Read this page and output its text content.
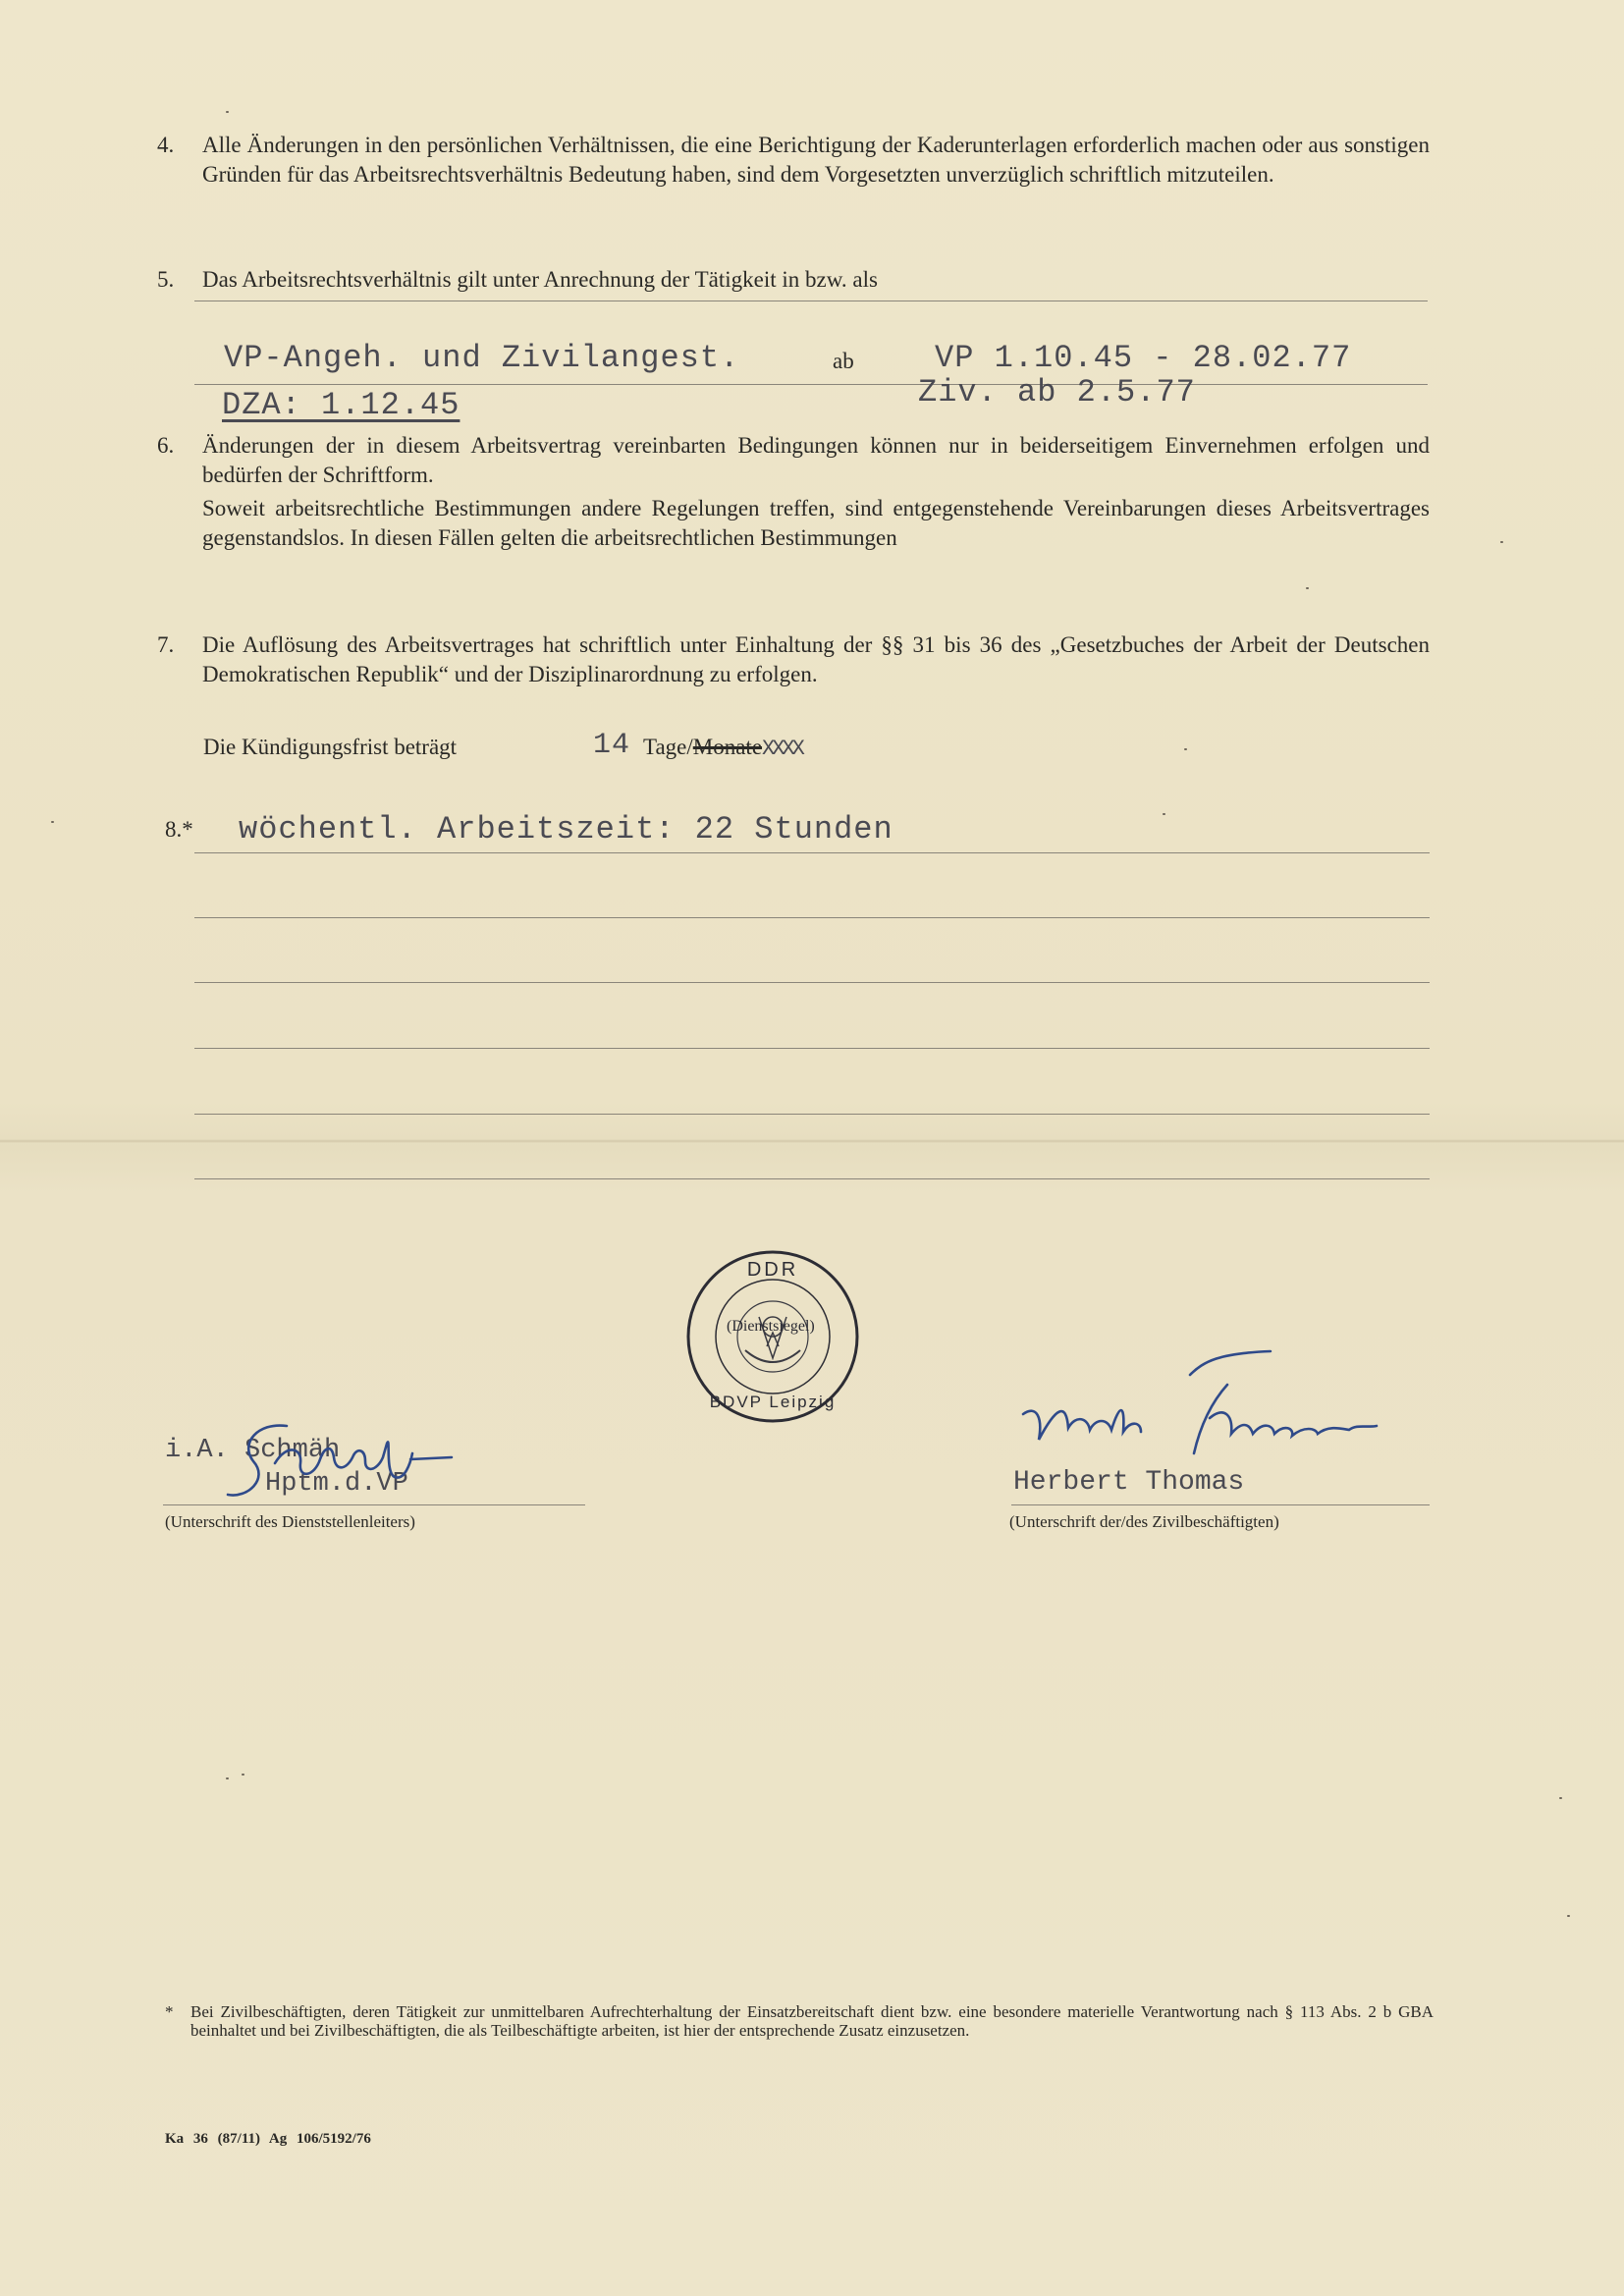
4. Alle Änderungen in den persönlichen Verhältnissen, die eine Berichtigung der Kaderunterlagen erforderlich machen oder aus sonstigen Gründen für das Arbeitsrechtsverhältnis Bedeutung haben, sind dem Vorgesetzten unverzüglich schriftlich mitzuteilen.
5. Das Arbeitsrechtsverhältnis gilt unter Anrechnung der Tätigkeit in bzw. als
VP-Angeh. und Zivilangest.	ab	VP 1.10.45 - 28.02.77
DZA: 1.12.45	Ziv. ab 2.5.77
6. Änderungen der in diesem Arbeitsvertrag vereinbarten Bedingungen können nur in beiderseitigem Einvernehmen erfolgen und bedürfen der Schriftform.

Soweit arbeitsrechtliche Bestimmungen andere Regelungen treffen, sind entgegenstehende Vereinbarungen dieses Arbeitsvertrages gegenstandslos. In diesen Fällen gelten die arbeitsrechtlichen Bestimmungen

7. Die Auflösung des Arbeitsvertrages hat schriftlich unter Einhaltung der §§ 31 bis 36 des „Gesetzbuches der Arbeit der Deutschen Demokratischen Republik“ und der Disziplinarordnung zu erfolgen.
Die Kündigungsfrist beträgt	14 Tage/MonateXXXX
8.* wöchentl. Arbeitszeit: 22 Stunden
DDR
BDVP Leipzig
(Dienstsiegel)
i.A. Schmäh
Hptm.d.VP
(Unterschrift des Dienststellenleiters)
Herbert Thomas
(Unterschrift der/des Zivilbeschäftigten)
* Bei Zivilbeschäftigten, deren Tätigkeit zur unmittelbaren Aufrechterhaltung der Einsatzbereitschaft dient bzw. eine besondere materielle Verantwortung nach § 113 Abs. 2 b GBA beinhaltet und bei Zivilbeschäftigten, die als Teilbeschäftigte arbeiten, ist hier der entsprechende Zusatz einzusetzen.
Ka 36 (87/11) Ag 106/5192/76
